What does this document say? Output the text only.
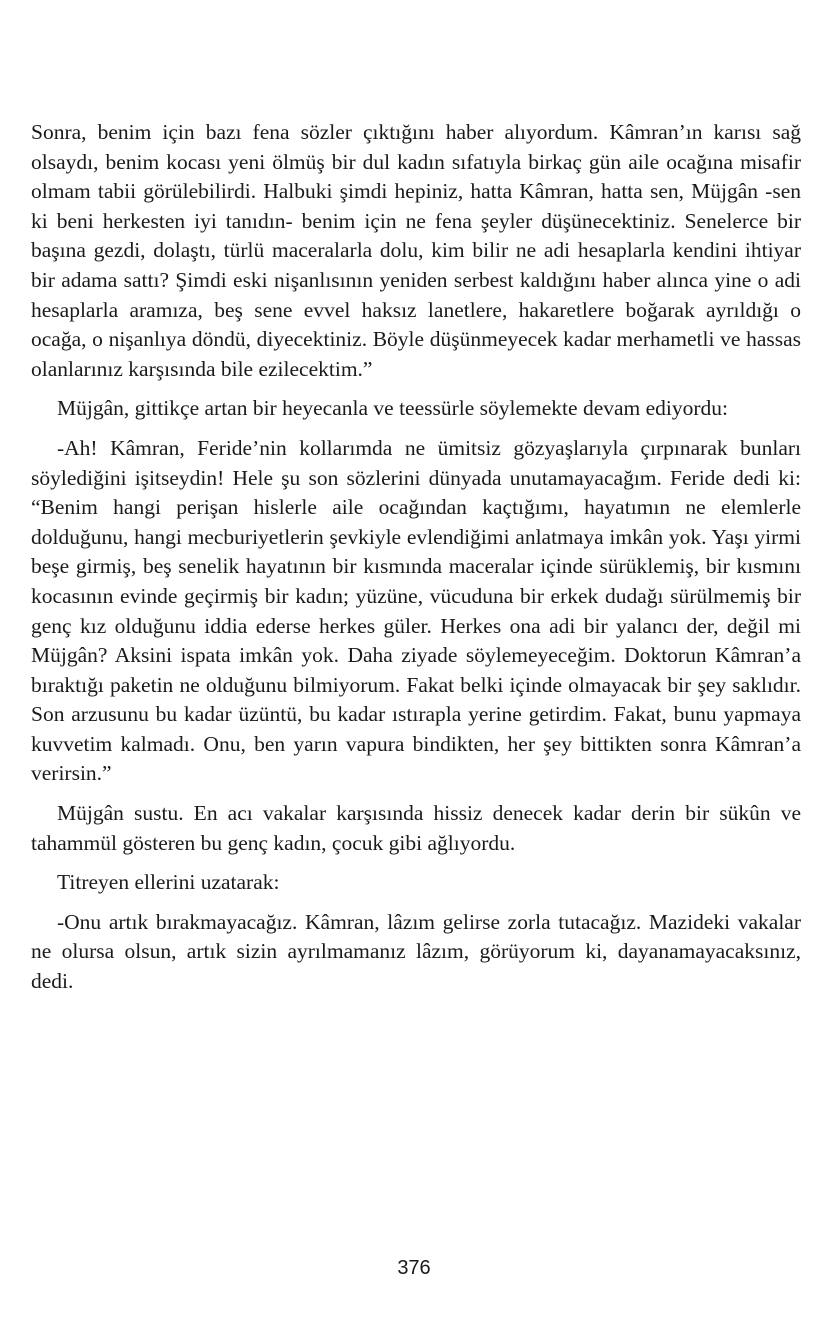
Sonra, benim için bazı fena sözler çıktığını haber alıyordum. Kâmran’ın karısı sağ olsaydı, benim kocası yeni ölmüş bir dul kadın sıfatıyla birkaç gün aile ocağına misafir olmam tabii görülebilirdi. Halbuki şimdi hepiniz, hatta Kâmran, hatta sen, Müjgân -sen ki beni herkesten iyi tanıdın- benim için ne fena şeyler düşünecektiniz. Senelerce bir başına gezdi, dolaştı, türlü maceralarla dolu, kim bilir ne adi hesaplarla kendini ihtiyar bir adama sattı? Şimdi eski nişanlısının yeniden serbest kaldığını haber alınca yine o adi hesaplarla aramıza, beş sene evvel haksız lanetlere, hakaretlere boğarak ayrıldığı o ocağa, o nişanlıya döndü, diyecektiniz. Böyle düşünmeyecek kadar merhametli ve hassas olanlarınız karşısında bile ezilecektim.”

Müjgân, gittikçe artan bir heyecanla ve teessürle söylemekte devam ediyordu:

-Ah! Kâmran, Feride’nin kollarımda ne ümitsiz gözyaşlarıyla çırpınarak bunları söylediğini işitseydin! Hele şu son sözlerini dünyada unutamayacağım. Feride dedi ki: “Benim hangi perişan hislerle aile ocağından kaçtığımı, hayatımın ne elemlerle dolduğunu, hangi mecburiyetlerin şevkiyle evlendiğimi anlatmaya imkân yok. Yaşı yirmi beşe girmiş, beş senelik hayatının bir kısmında maceralar içinde sürüklemiş, bir kısmını kocasının evinde geçirmiş bir kadın; yüzüne, vücuduna bir erkek dudağı sürülmemiş bir genç kız olduğunu iddia ederse herkes güler. Herkes ona adi bir yalancı der, değil mi Müjgân? Aksini ispata imkân yok. Daha ziyade söylemeyeceğim. Doktorun Kâmran’a bıraktığı paketin ne olduğunu bilmiyorum. Fakat belki içinde olmayacak bir şey saklıdır. Son arzusunu bu kadar üzüntü, bu kadar ıstırapla yerine getirdim. Fakat, bunu yapmaya kuvvetim kalmadı. Onu, ben yarın vapura bindikten, her şey bittikten sonra Kâmran’a verirsin.”

Müjgân sustu. En acı vakalar karşısında hissiz denecek kadar derin bir sükûn ve tahammül gösteren bu genç kadın, çocuk gibi ağlıyordu.

Titreyen ellerini uzatarak:

-Onu artık bırakmayacağız. Kâmran, lâzım gelirse zorla tutacağız. Mazideki vakalar ne olursa olsun, artık sizin ayrılmamanız lâzım, görüyorum ki, dayanamayacaksınız, dedi.

376
